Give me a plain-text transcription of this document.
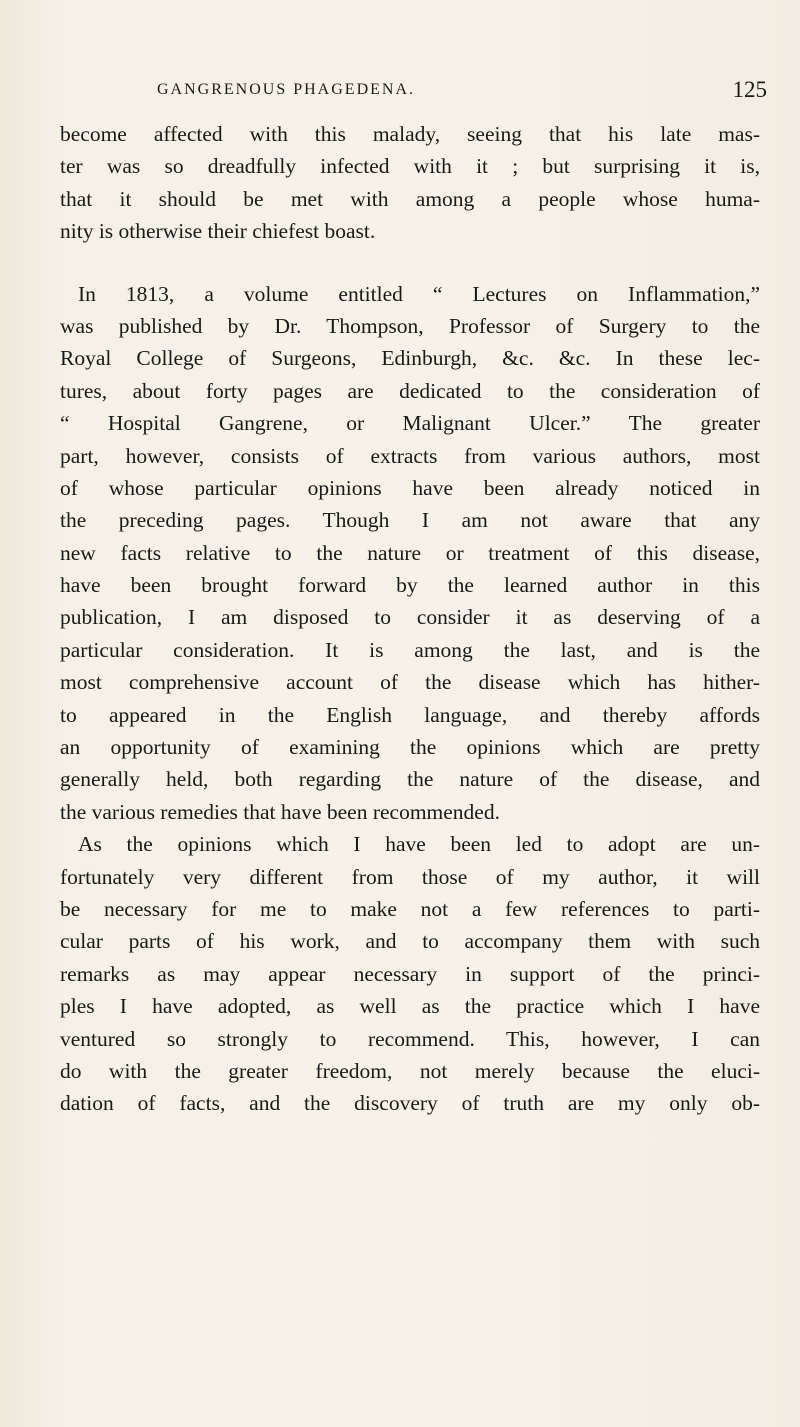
GANGRENOUS PHAGEDENA.	125
become affected with this malady, seeing that his late mas-
ter was so dreadfully infected with it ; but surprising it is,
that it should be met with among a people whose huma-
nity is otherwise their chiefest boast.
In 1813, a volume entitled “ Lectures on Inflammation,”
was published by Dr. Thompson, Professor of Surgery to the
Royal College of Surgeons, Edinburgh, &c. &c. In these lec-
tures, about forty pages are dedicated to the consideration of
“ Hospital Gangrene, or Malignant Ulcer.” The greater
part, however, consists of extracts from various authors, most
of whose particular opinions have been already noticed in
the preceding pages. Though I am not aware that any
new facts relative to the nature or treatment of this disease,
have been brought forward by the learned author in this
publication, I am disposed to consider it as deserving of a
particular consideration. It is among the last, and is the
most comprehensive account of the disease which has hither-
to appeared in the English language, and thereby affords
an opportunity of examining the opinions which are pretty
generally held, both regarding the nature of the disease, and
the various remedies that have been recommended.
As the opinions which I have been led to adopt are un-
fortunately very different from those of my author, it will
be necessary for me to make not a few references to parti-
cular parts of his work, and to accompany them with such
remarks as may appear necessary in support of the princi-
ples I have adopted, as well as the practice which I have
ventured so strongly to recommend. This, however, I can
do with the greater freedom, not merely because the eluci-
dation of facts, and the discovery of truth are my only ob-
